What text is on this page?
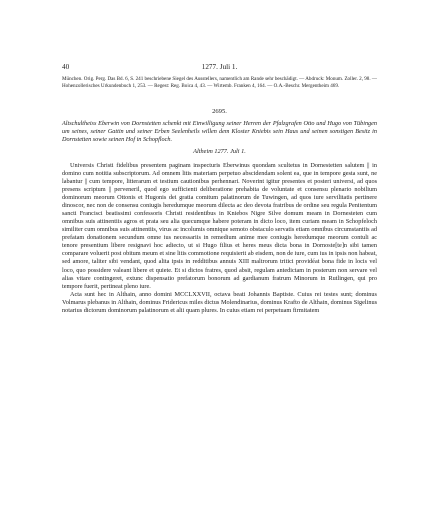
40	1277. Juli 1.
München. Orig. Perg. Das Bd. 6, S. 241 beschriebene Siegel des Ausstellers, namentlich am Rande sehr beschädigt. — Abdruck: Monum. Zoller. 2, 98. — Hohenzollerisches Urkundenbuch 1, 253. — Regest: Reg. Boica 4, 43. — Wirtemb. Franken 4, 164. — O.A.-Beschr. Mergentheim 469.
2695.
Altschultheiss Eberwin von Dornstetten schenkt mit Einwilligung seiner Herren der Pfalzgrafen Otto und Hugo von Tübingen um seines, seiner Gattin und seiner Erben Seelenheils willen dem Kloster Kniebis sein Haus und seinen sonstigen Besitz in Dornstetten sowie seinen Hof in Schopfloch.
Altheim 1277. Juli 1.

Universis Christi fidelibus presentem paginam inspecturis Eberwinus quondam scultetus in Dornestetten salutem || in domino cum notitia subscriptorum. Ad omnem litis materiam perpetuo abscidendam solent ea, que in tempore gesta sunt, ne labantur || cum tempore, litterarum et testium cautionibus perhennari. Noverint igitur presentes et posteri universi, ad quos presens scriptum || perveneril, quod ego sufficienti deliberatione prehabita de voluntate et consensu plenario nobilium dominorum meorum Ottonis et Hugonis dei gratia comitum palatinorum de Tuwingen, ad quos iure servilitatis pertinere dinoscor, nec non de consensu coniugis heredumque meorum dilecta ac deo devota fratribus de ordine seu regula Penitentum sancti Francisci beatissimi confessoris Christi residentibus in Kniebos Nigre Silve domum meam in Dornesteten cum omnibus suis attinentiis agros et prata seu alia quecumque habere poteram in dicto loco, item curiam meam in Schopfeloch similiter cum omnibus suis attinentiis, virus ac incolumis omnique semoto obstaculo servatis etiam omnibus circumstantiis ad prefatam donationem secundum omne ius necessariis in remedium anime mee coniugis heredumque meorum contuli ac tenore presentium libere resignavi hoc adiecto, ut si Hugo filius et heres meus dicta bona in Dornoste[te]n sibi tamen comparare voluerit post obitum meum et sine litis commotione requisierit ab eisdem, non de iure, cum ius in ipsis non habeat, sed amore, taliter sibi vendant, quod alita ipsis in redditibus annuis XIII maltrorum tritici providéat bona fide in locis vel loco, quo possidere valeant libere et quiete. Et si dictos fratres, quod absit, regulam antedictam in posterum non servare vel alias vitare contingeret, extunc dispensatio prefatorum bonorum ad gardianum fratrum Minorum in Rutlingen, qui pro tempore fuerit, pertineat pleno iure.

Acta sunt hec in Althain, anno domini MCCLXXVII, octava beati Johannis Baptiste. Cuius rei testes sunt; dominus Volmarus plebanus in Althain, dominus Fridericus miles dictus Molendinarius, dominus Krafto de Althain, dominus Sigelinus notarius dictorum dominorum palatinorum et alii quam plures. In cuius etiam rei perpetuam firmitatem
